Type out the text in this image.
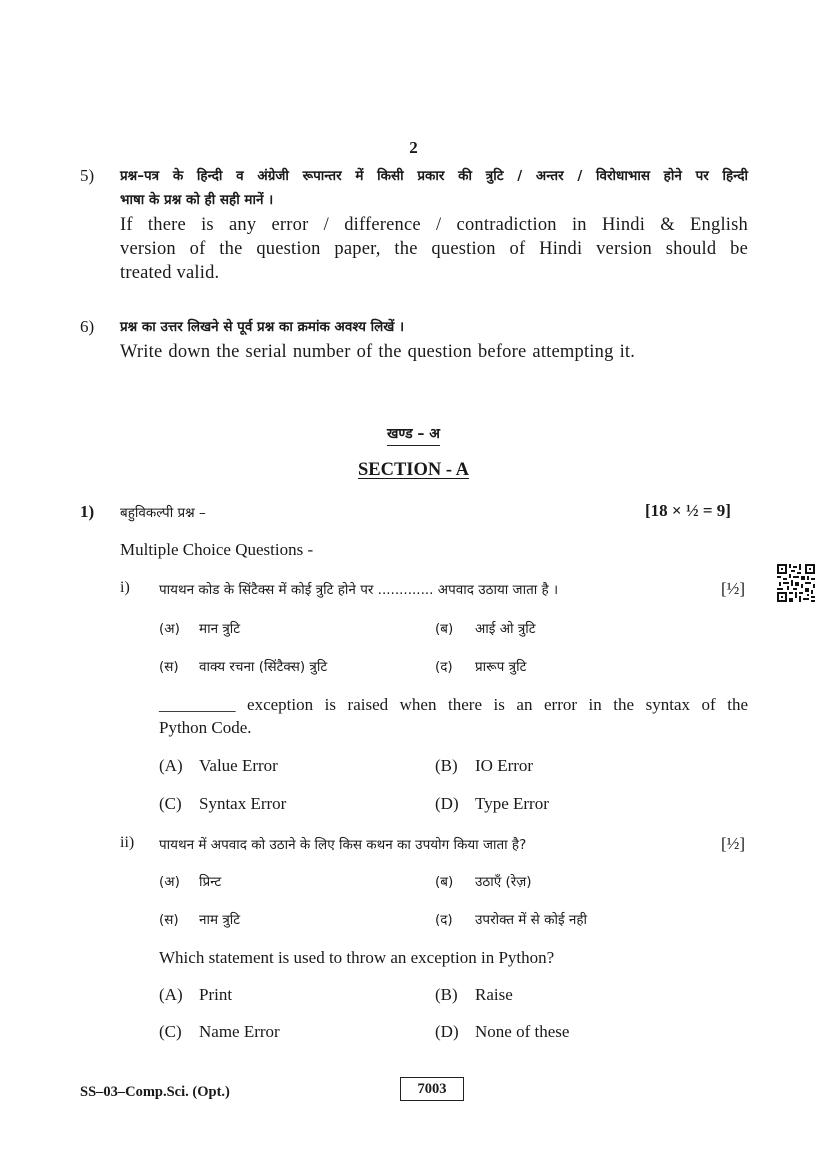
2
5) प्रश्न–पत्र के हिन्दी व अंग्रेजी रूपान्तर में किसी प्रकार की त्रुटि / अन्तर / विरोधाभास होने पर हिन्दी
भाषा के प्रश्न को ही सही मानें ।
If there is any error / difference / contradiction in Hindi & English
version of the question paper, the question of Hindi version should be
treated valid.
6) प्रश्न का उत्तर लिखने से पूर्व प्रश्न का क्रमांक अवश्य लिखें ।
Write down the serial number of the question before attempting it.
खण्ड – अ
SECTION - A
1) बहुविकल्पी प्रश्न –	[18 × ½ = 9]
Multiple Choice Questions -
i) पायथन कोड के सिंटैक्स में कोई त्रुटि होने पर ............. अपवाद उठाया जाता है ।	[½]
(अ) मान त्रुटि	(ब) आई ओ त्रुटि
(स) वाक्य रचना (सिंटैक्स) त्रुटि	(द) प्रारूप त्रुटि
_________ exception is raised when there is an error in the syntax of the
Python Code.
(A) Value Error	(B) IO Error
(C) Syntax Error	(D) Type Error
ii) पायथन में अपवाद को उठाने के लिए किस कथन का उपयोग किया जाता है?	[½]
(अ) प्रिन्ट	(ब) उठाएँ (रेज़)
(स) नाम त्रुटि	(द) उपरोक्त में से कोई नही
Which statement is used to throw an exception in Python?
(A) Print	(B) Raise
(C) Name Error	(D) None of these
SS–03–Comp.Sci. (Opt.)	7003
